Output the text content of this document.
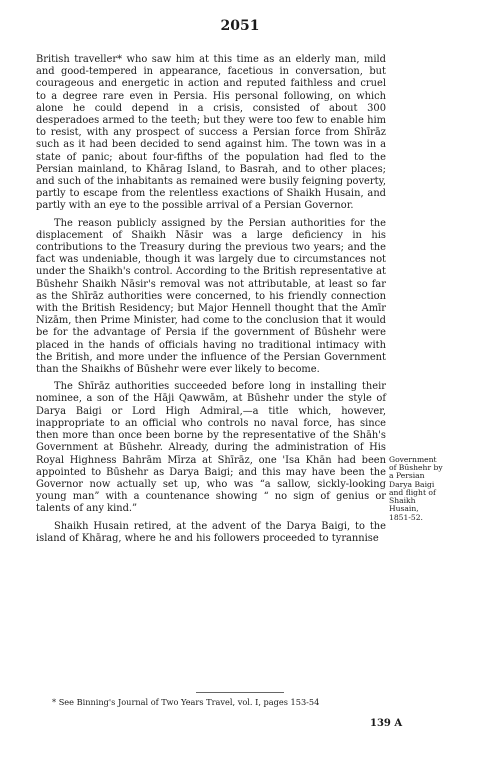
2051

British traveller* who saw him at this time as an elderly man, mild and good-tempered in appearance, facetious in conversation, but courageous and energetic in action and reputed faithless and cruel to a degree rare even in Persia. His personal following, on which alone he could depend in a crisis, consisted of about 300 desperadoes armed to the teeth; but they were too few to enable him to resist, with any prospect of success a Persian force from Shīrāz such as it had been decided to send against him. The town was in a state of panic; about four-fifths of the population had fled to the Persian mainland, to Khārag Island, to Basrah, and to other places; and such of the inhabitants as remained were busily feigning poverty, partly to escape from the relentless exactions of Shaikh Husain, and partly with an eye to the possible arrival of a Persian Governor.

The reason publicly assigned by the Persian authorities for the displacement of Shaikh Nāsir was a large deficiency in his contributions to the Treasury during the previous two years; and the fact was undeniable, though it was largely due to circumstances not under the Shaikh's control. According to the British representative at Būshehr Shaikh Nāsir's removal was not attributable, at least so far as the Shīrāz authorities were concerned, to his friendly connection with the British Residency; but Major Hennell thought that the Amīr Nizām, then Prime Minister, had come to the conclusion that it would be for the advantage of Persia if the government of Būshehr were placed in the hands of officials having no traditional intimacy with the British, and more under the influence of the Persian Government than the Shaikhs of Būshehr were ever likely to become.

The Shīrāz authorities succeeded before long in installing their nominee, a son of the Hāji Qawwām, at Būshehr under the style of Darya Baigi or Lord High Admiral,—a title which, however, inappropriate to an official who controls no naval force, has since then more than once been borne by the representative of the Shāh's Government at Būshehr. Already, during the administration of His Royal Highness Bahrām Mīrza at Shīrāz, one 'Isa Khān had been appointed to Būshehr as Darya Baigi; and this may have been the Governor now actually set up, who was “a sallow, sickly-looking young man” with a countenance showing “ no sign of genius or talents of any kind.”

Shaikh Husain retired, at the advent of the Darya Baigi, to the island of Khārag, where he and his followers proceeded to tyrannise

Government of Būshehr by a Persian Darya Baigi and flight of Shaikh Husain,
1851-52.
* See Binning's Journal of Two Years Travel, vol. I, pages 153-54
139 A
